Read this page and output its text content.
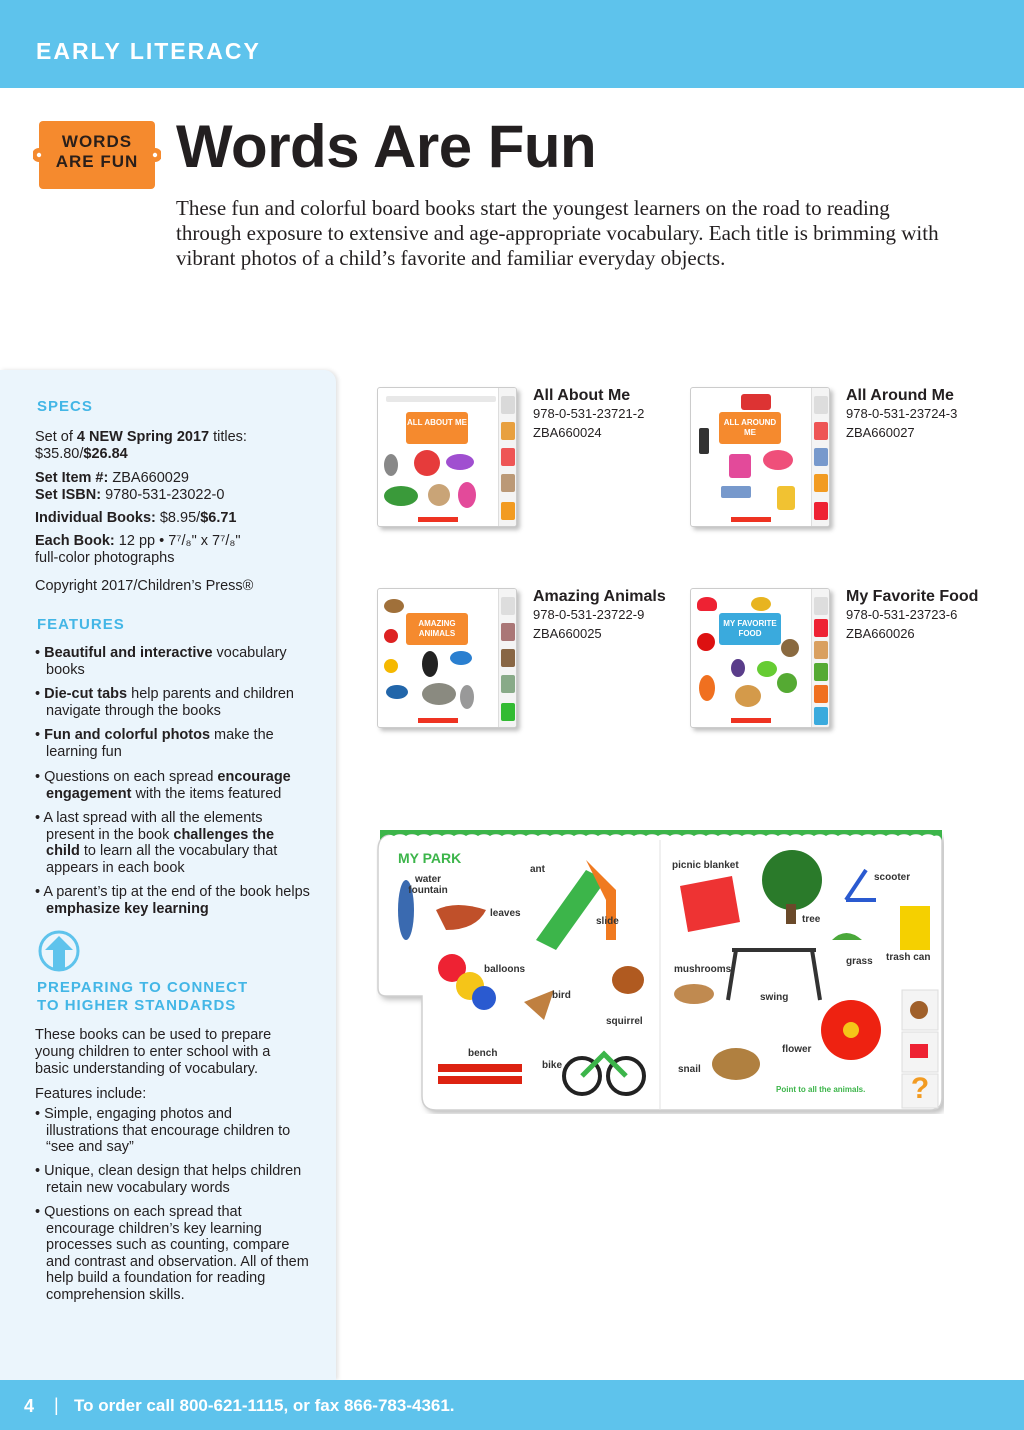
EARLY LITERACY
WORDS
ARE FUN Words Are Fun
These fun and colorful board books start the youngest learners on the road to reading through exposure to extensive and age-appropriate vocabulary. Each title is brimming with vibrant photos of a child’s favorite and familiar everyday objects.
SPECS
Set of 4 NEW Spring 2017 titles:
$35.80/$26.84
Set Item #: ZBA660029
Set ISBN: 9780-531-23022-0
Individual Books: $8.95/$6.71
Each Book: 12 pp • 7⁷/₈" x 7⁷/₈"
full-color photographs
Copyright 2017/Children’s Press®
FEATURES
• Beautiful and interactive vocabulary books
• Die-cut tabs help parents and children navigate through the books
• Fun and colorful photos make the learning fun
• Questions on each spread encourage engagement with the items featured
• A last spread with all the elements present in the book challenges the child to learn all the vocabulary that appears in each book
• A parent’s tip at the end of the book helps emphasize key learning
PREPARING TO CONNECT
TO HIGHER STANDARDS
These books can be used to prepare young children to enter school with a basic understanding of vocabulary.
Features include:
• Simple, engaging photos and illustrations that encourage children to “see and say”
• Unique, clean design that helps children retain new vocabulary words
• Questions on each spread that encourage children’s key learning processes such as counting, compare and contrast and observation. All of them help build a foundation for reading comprehension skills.
ALL ABOUT ME
All About Me
978-0-531-23721-2
ZBA660024
ALL AROUND ME
All Around Me
978-0-531-23724-3
ZBA660027
AMAZING ANIMALS
Amazing Animals
978-0-531-23722-9
ZBA660025
MY FAVORITE FOOD
My Favorite Food
978-0-531-23723-6
ZBA660026
?
MY PARK
water fountain
ant
leaves
slide
balloons
bird
squirrel
bench
bike
picnic blanket
tree
scooter
grass trash can
mushrooms
swing
flower
snail
Point to all the animals.
4 | To order call 800-621-1115, or fax 866-783-4361.
